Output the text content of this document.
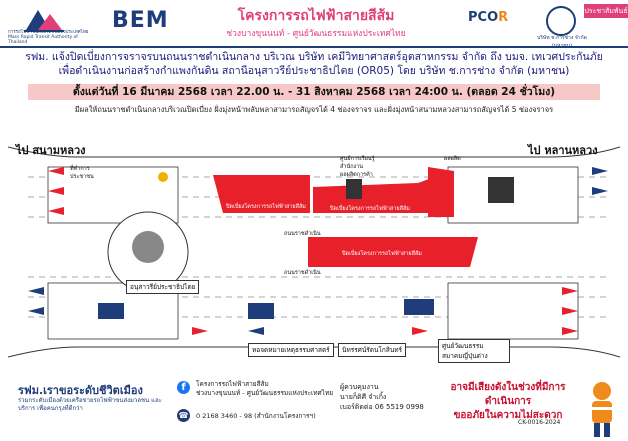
การรถไฟฟ้าขนส่งมวลชนแห่งประเทศไทย Mass Rapid Transit Authority of Thailand
BEM	โครงการรถไฟฟ้าสายสีส้ม
ช่วงบางขุนนนท์ - ศูนย์วัฒนธรรมแห่งประเทศไทย
PCOR
บริษัท ช.การช่าง จำกัด (มหาชน)
ประชาสัมพันธ์
รฟม. แจ้งปิดเบี่ยงการจราจรบนถนนราชดำเนินกลาง บริเวณ บริษัท เคมีวิทยาศาสตร์อุตสาหกรรม จำกัด ถึง บมจ. เทเวศประกันภัย
เพื่อดำเนินงานก่อสร้างกำแพงกันดิน สถานีอนุสาวรีย์ประชาธิปไตย (OR05) โดย บริษัท ช.การช่าง จำกัด (มหาชน)
ตั้งแต่วันที่ 16 มีนาคม 2568 เวลา 22.00 น. - 31 สิงหาคม 2568 เวลา 24:00 น. (ตลอด 24 ชั่วโมง)
มีผลให้ถนนราชดำเนินกลางบริเวณปิดเบี่ยง ฝั่งมุ่งหน้าพลับพลาสามารถสัญจรได้ 4 ช่องจราจร และฝั่งมุ่งหน้าสนามหลวงสามารถสัญจรได้ 5 ช่องจราจร
ไป สนามหลวง	ไป หลานหลวง
ที่ทำการ ประชาชน
ปิดเบี่ยงโครงการรถไฟฟ้าสายสีส้ม	ปิดเบี่ยงโครงการรถไฟฟ้าสายสีส้ม
ปิดเบี่ยงโครงการรถไฟฟ้าสายสีส้ม
ถนนราชดำเนิน
ถนนราชดำเนิน
อนุสาวรีย์ประชาธิปไตย
ศูนย์การเรียนรู้ สำนักงาน ผลผลิตการค้า
ผลผลิต
หอจดหมายเหตุธรรมศาสตร์	นิทรรศน์รัตนโกสินทร์	ศูนย์วัฒนธรรม สมาคมญี่ปุ่นต่าง
รฟม.เราขอระดับชีวิตเมือง
ร่วมกระดับเมืองด้วยเครือข่ายรถไฟฟ้าขนส่งมวลชน และบริการ เพื่อคนกรุงที่ดีกว่า
f
☎
โครงการรถไฟฟ้าสายสีส้ม
ช่วงบางขุนนนท์ - ศูนย์วัฒนธรรมแห่งประเทศไทย
0 2168 3460 - 98 (สำนักงานโครงการฯ)
ผู้ควบคุมงาน
นายก็ติศี จำเกิ้ง
เบอร์ติดต่อ 06 5519 0998
อาจมีเสียงดังในช่วงที่มีการดำเนินการ
ขออภัยในความไม่สะดวก
CK-0016-2024
